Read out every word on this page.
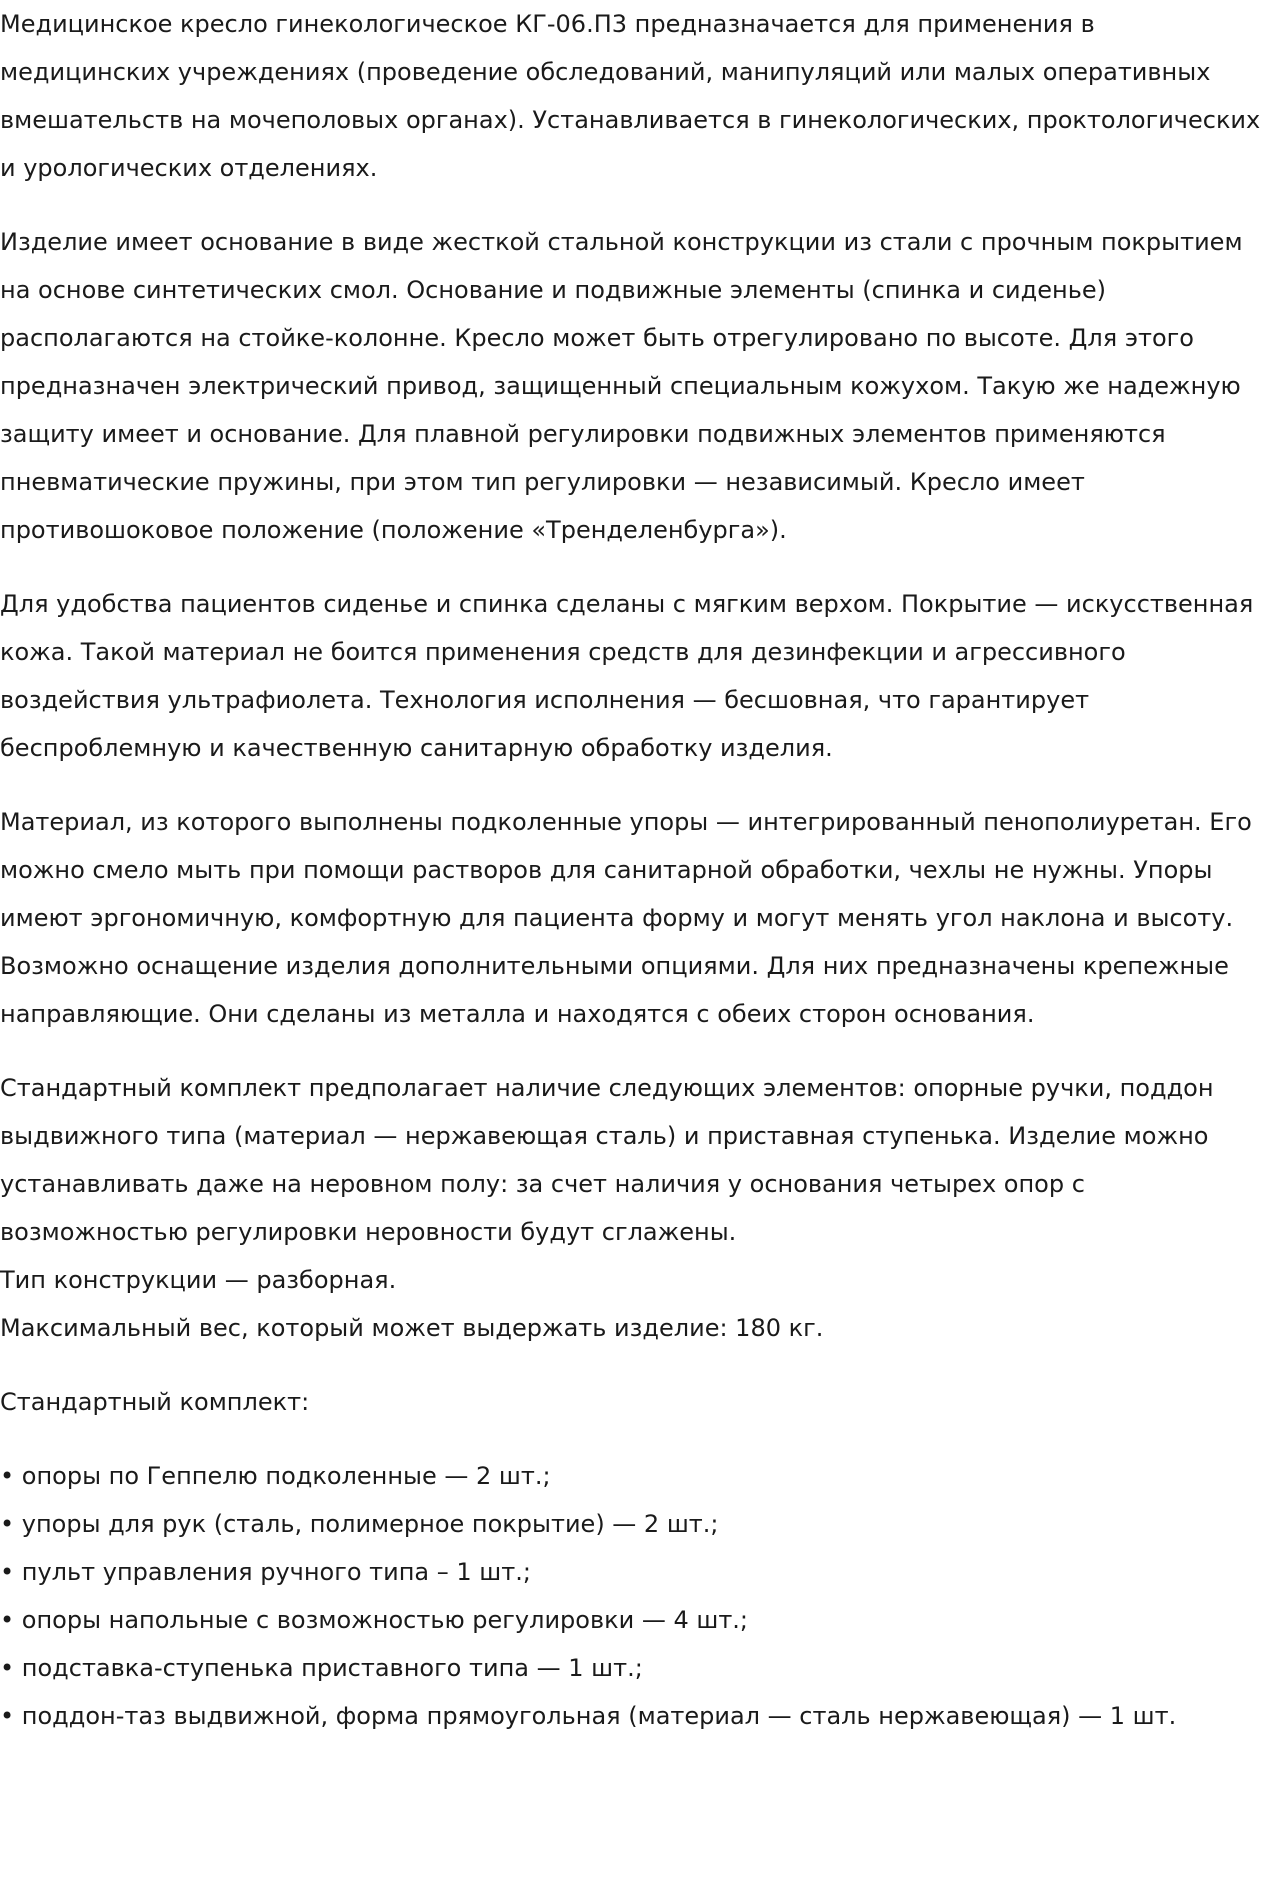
Медицинское кресло гинекологическое КГ-06.П3 предназначается для применения в медицинских учреждениях (проведение обследований, манипуляций или малых оперативных вмешательств на мочеполовых органах). Устанавливается в гинекологических, проктологических и урологических отделениях.

Изделие имеет основание в виде жесткой стальной конструкции из стали с прочным покрытием на основе синтетических смол. Основание и подвижные элементы (спинка и сиденье) располагаются на стойке-колонне. Кресло может быть отрегулировано по высоте. Для этого предназначен электрический привод, защищенный специальным кожухом. Такую же надежную защиту имеет и основание. Для плавной регулировки подвижных элементов применяются пневматические пружины, при этом тип регулировки — независимый. Кресло имеет противошоковое положение (положение «Тренделенбурга»).

Для удобства пациентов сиденье и спинка сделаны с мягким верхом. Покрытие — искусственная кожа. Такой материал не боится применения средств для дезинфекции и агрессивного воздействия ультрафиолета. Технология исполнения — бесшовная, что гарантирует беспроблемную и качественную санитарную обработку изделия.

Материал, из которого выполнены подколенные упоры — интегрированный пенополиуретан. Его можно смело мыть при помощи растворов для санитарной обработки, чехлы не нужны. Упоры имеют эргономичную, комфортную для пациента форму и могут менять угол наклона и высоту. Возможно оснащение изделия дополнительными опциями. Для них предназначены крепежные направляющие. Они сделаны из металла и находятся с обеих сторон основания.

Стандартный комплект предполагает наличие следующих элементов: опорные ручки, поддон выдвижного типа (материал — нержавеющая сталь) и приставная ступенька. Изделие можно устанавливать даже на неровном полу: за счет наличия у основания четырех опор с возможностью регулировки неровности будут сглажены.

Тип конструкции — разборная.

Максимальный вес, который может выдержать изделие: 180 кг.

Стандартный комплект:

• опоры по Геппелю подколенные — 2 шт.;
• упоры для рук (сталь, полимерное покрытие) — 2 шт.;
• пульт управления ручного типа – 1 шт.;
• опоры напольные с возможностью регулировки — 4 шт.;
• подставка-ступенька приставного типа — 1 шт.;
• поддон-таз выдвижной, форма прямоугольная (материал — сталь нержавеющая) — 1 шт.
